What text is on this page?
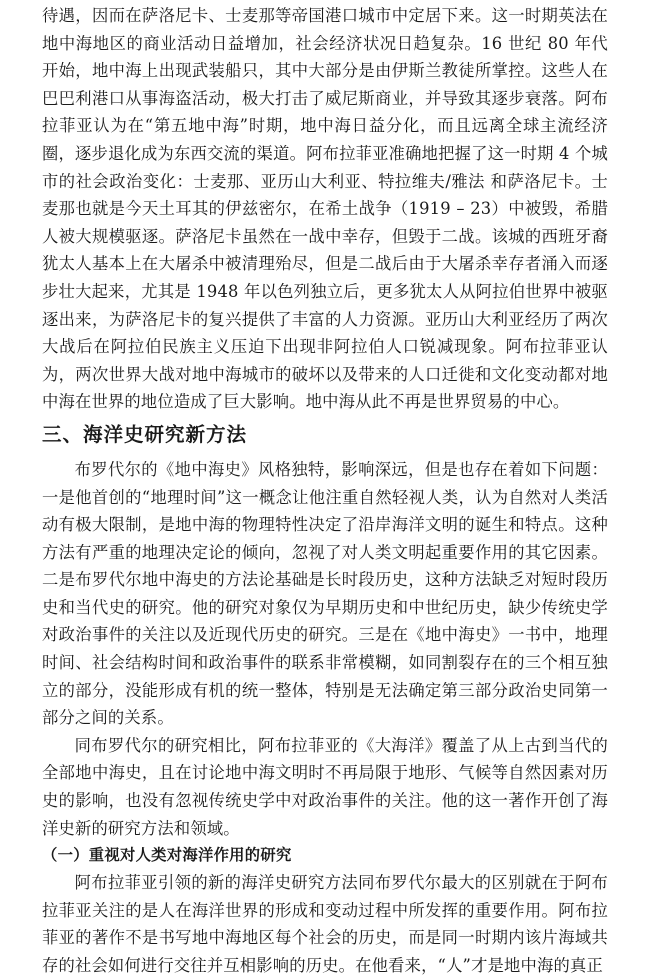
待遇，因而在萨洛尼卡、士麦那等帝国港口城市中定居下来。这一时期英法在地中海地区的商业活动日益增加，社会经济状况日趋复杂。16 世纪 80 年代开始，地中海上出现武装船只，其中大部分是由伊斯兰教徒所掌控。这些人在巴巴利港口从事海盗活动，极大打击了威尼斯商业，并导致其逐步衰落。阿布拉菲亚认为在“第五地中海”时期，地中海日益分化，而且远离全球主流经济圈，逐步退化成为东西交流的渠道。阿布拉菲亚准确地把握了这一时期 4 个城市的社会政治变化：士麦那、亚历山大利亚、特拉维夫/雅法 和萨洛尼卡。士麦那也就是今天土耳其的伊兹密尔，在希土战争（1919 – 23）中被毁，希腊人被大规模驱逐。萨洛尼卡虽然在一战中幸存，但毁于二战。该城的西班牙裔犹太人基本上在大屠杀中被清理殆尽，但是二战后由于大屠杀幸存者涌入而逐步壮大起来，尤其是 1948 年以色列独立后，更多犹太人从阿拉伯世界中被驱逐出来，为萨洛尼卡的复兴提供了丰富的人力资源。亚历山大利亚经历了两次大战后在阿拉伯民族主义压迫下出现非阿拉伯人口锐减现象。阿布拉菲亚认为，两次世界大战对地中海城市的破坏以及带来的人口迁徙和文化变动都对地中海在世界的地位造成了巨大影响。地中海从此不再是世界贸易的中心。

三、海洋史研究新方法

布罗代尔的《地中海史》风格独特，影响深远，但是也存在着如下问题：一是他首创的“地理时间”这一概念让他注重自然轻视人类，认为自然对人类活动有极大限制，是地中海的物理特性决定了沿岸海洋文明的诞生和特点。这种方法有严重的地理决定论的倾向，忽视了对人类文明起重要作用的其它因素。二是布罗代尔地中海史的方法论基础是长时段历史，这种方法缺乏对短时段历史和当代史的研究。他的研究对象仅为早期历史和中世纪历史，缺少传统史学对政治事件的关注以及近现代历史的研究。三是在《地中海史》一书中，地理时间、社会结构时间和政治事件的联系非常模糊，如同割裂存在的三个相互独立的部分，没能形成有机的统一整体，特别是无法确定第三部分政治史同第一部分之间的关系。

同布罗代尔的研究相比，阿布拉菲亚的《大海洋》覆盖了从上古到当代的全部地中海史，且在讨论地中海文明时不再局限于地形、气候等自然因素对历史的影响，也没有忽视传统史学中对政治事件的关注。他的这一著作开创了海洋史新的研究方法和领域。

（一）重视对人类对海洋作用的研究

阿布拉菲亚引领的新的海洋史研究方法同布罗代尔最大的区别就在于阿布拉菲亚关注的是人在海洋世界的形成和变动过程中所发挥的重要作用。阿布拉菲亚的著作不是书写地中海地区每个社会的历史，而是同一时期内该片海域共存的社会如何进行交往并互相影响的历史。在他看来，“人”才是地中海的真正
